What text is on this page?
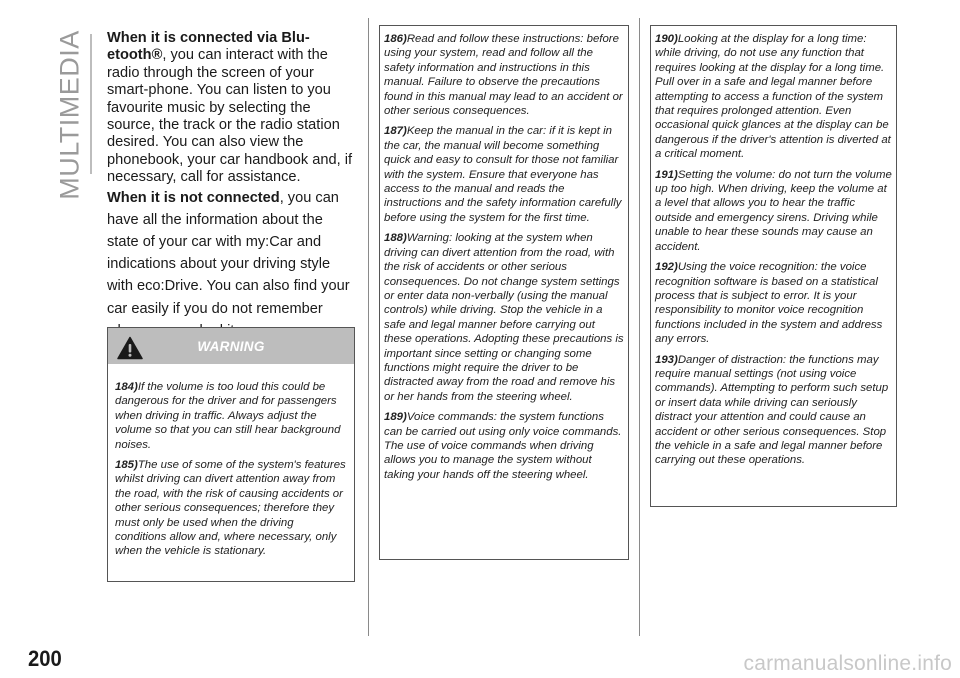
MULTIMEDIA When it is connected via Blu-etooth®, you can interact with the radio through the screen of your smart-phone. You can listen to you favourite music by selecting the source, the track or the radio station desired. You can also view the phonebook, your car handbook and, if necessary, call for assistance.

When it is not connected, you can have all the information about the state of your car with my:Car and indications about your driving style with eco:Drive. You can also find your car easily if you do not remember

WARNING

184)If the volume is too loud this could be dangerous for the driver and for passengers when driving in traffic. Always adjust the volume so that you can still hear background noises.

185)The use of some of the system's features whilst driving can divert attention away from the road, with the risk of causing accidents or other serious consequences; therefore they must only be used when the driving conditions allow and, where necessary, only when the vehicle is stationary.

186)Read and follow these instructions: before using your system, read and follow all the safety information and instructions in this manual. Failure to observe the precautions found in this manual may lead to an accident or other serious consequences.

187)Keep the manual in the car: if it is kept in the car, the manual will become something quick and easy to consult for those not familiar with the system. Ensure that everyone has access to the manual and reads the instructions and the safety information carefully before using the system for the first time.

188)Warning: looking at the system when driving can divert attention from the road, with the risk of accidents or other serious consequences. Do not change system settings or enter data non-verbally (using the manual controls) while driving. Stop the vehicle in a safe and legal manner before carrying out these operations. Adopting these precautions is important since setting or changing some functions might require the driver to be distracted away from the road and remove his or her hands from the steering wheel.

189)Voice commands: the system functions can be carried out using only voice commands. The use of voice commands when driving allows you to manage the system without taking your hands off the steering wheel.

190)Looking at the display for a long time: while driving, do not use any function that requires looking at the display for a long time. Pull over in a safe and legal manner before attempting to access a function of the system that requires prolonged attention. Even occasional quick glances at the display can be dangerous if the driver's attention is diverted at a critical moment.

191)Setting the volume: do not turn the volume up too high. When driving, keep the volume at a level that allows you to hear the traffic outside and emergency sirens. Driving while unable to hear these sounds may cause an accident.

192)Using the voice recognition: the voice recognition software is based on a statistical process that is subject to error. It is your responsibility to monitor voice recognition functions included in the system and address any errors.

193)Danger of distraction: the functions may require manual settings (not using voice commands). Attempting to perform such setup or insert data while driving can seriously distract your attention and could cause an accident or other serious consequences. Stop the vehicle in a safe and legal manner before carrying out these operations.

200	carmanualsonline.info
